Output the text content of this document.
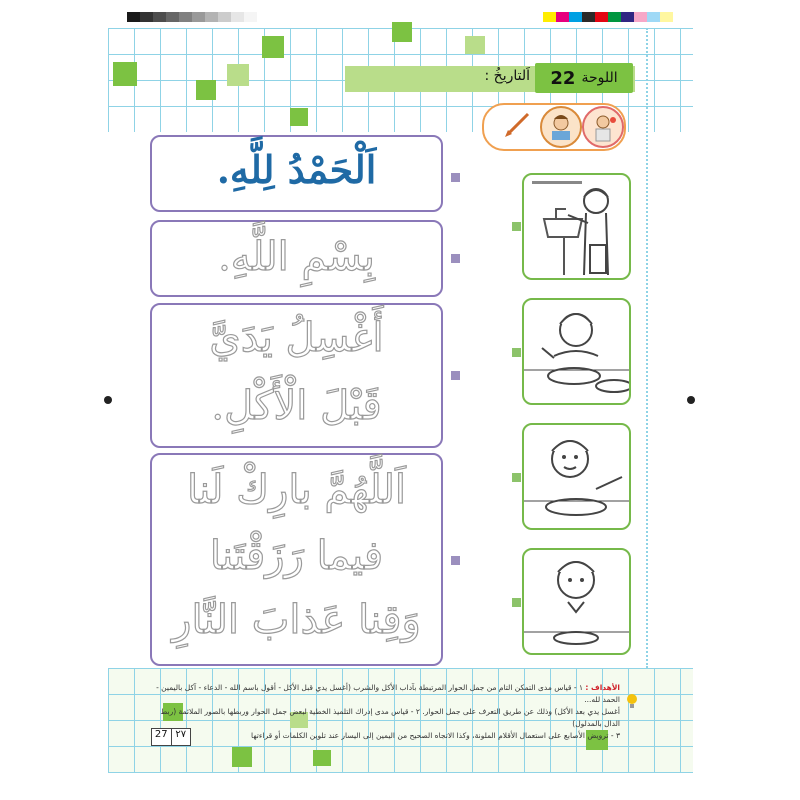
اللوحة
22
اَلتاريخُ :
اَلْحَمْدُ لِلَّهِ.
بِسْمِ اللَّهِ.
أَغْسِلُ يَدَيَّ
قَبْلَ الْأَكْلِ.
اَللَّهُمَّ بارِكْ لَنا
فيما رَزَقْتَنا
وَقِنا عَذابَ النَّارِ
الأهداف : ١ - قياس مدى التمكن التام من جمل الحوار المرتبطة بآداب الأكل والشرب (أغسل يدي قبل الأكل - أقول باسم الله - الدعاء - آكل باليمين - الحمد لله...
أغسل يدي بعد الأكل) وذلك عن طريق التعرف على جمل الحوار. ٢ - قياس مدى إدراك التلميذ الخطية لبعض جمل الحوار وربطها بالصور الملائمة (ربط الدال بالمدلول)
٣ - ترويض الأصابع على استعمال الأقلام الملونة، وكذا الاتجاه الصحيح من اليمين إلى اليسار عند تلوين الكلمات أو قراءتها
27 ٢٧
